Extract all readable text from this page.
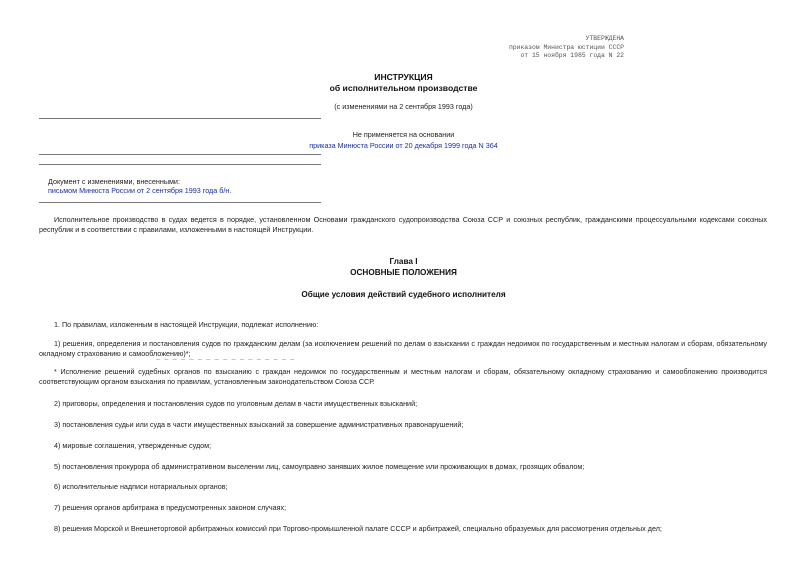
УТВЕРЖДЕНА
приказом Министра юстиции СССР
от 15 ноября 1985 года N 22
ИНСТРУКЦИЯ
об исполнительном производстве
(с изменениями на 2 сентября 1993 года)
Не применяется на основании
приказа Минюста России от 20 декабря 1999 года N 364
Документ с изменениями, внесенными:
письмом Минюста России от 2 сентября 1993 года б/н.
Исполнительное производство в судах ведется в порядке, установленном Основами гражданского судопроизводства Союза ССР и союзных республик, гражданскими процессуальными кодексами союзных республик и в соответствии с правилами, изложенными в настоящей Инструкции.
Глава I
ОСНОВНЫЕ ПОЛОЖЕНИЯ
Общие условия действий судебного исполнителя
1. По правилам, изложенным в настоящей Инструкции, подлежат исполнению:
1) решения, определения и постановления судов по гражданским делам (за исключением решений по делам о взыскании с граждан недоимок по государственным и местным налогам и сборам, обязательному окладному страхованию и самообложению)*;
_ _ _ _ _ _ _ _ _ _ _ _ _ _ _ _ _
* Исполнение решений судебных органов по взысканию с граждан недоимок по государственным и местным налогам и сборам, обязательному окладному страхованию и самообложению производится соответствующим органом взыскания по правилам, установленным законодательством Союза ССР.
2) приговоры, определения и постановления судов по уголовным делам в части имущественных взысканий;
3) постановления судьи или суда в части имущественных взысканий за совершение административных правонарушений;
4) мировые соглашения, утвержденные судом;
5) постановления прокурора об административном выселении лиц, самоуправно занявших жилое помещение или проживающих в домах, грозящих обвалом;
6) исполнительные надписи нотариальных органов;
7) решения органов арбитража в предусмотренных законом случаях;
8) решения Морской и Внешнеторговой арбитражных комиссий при Торгово-промышленной палате СССР и арбитражей, специально образуемых для рассмотрения отдельных дел;
